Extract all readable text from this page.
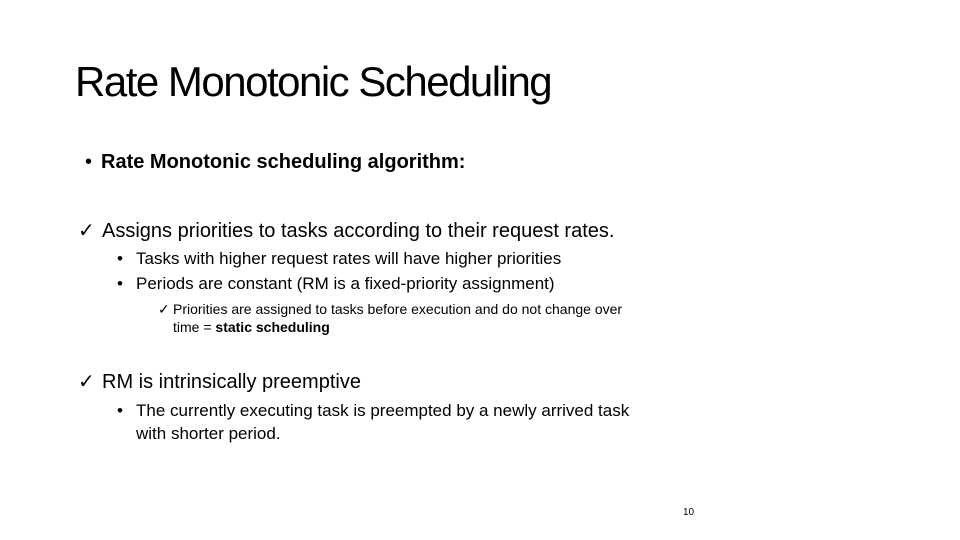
Rate Monotonic Scheduling
• Rate Monotonic scheduling algorithm:
✓ Assigns priorities to tasks according to their request rates.
• Tasks with higher request rates will have higher priorities
• Periods are constant (RM is a fixed-priority assignment)
✓ Priorities are assigned to tasks before execution and do not change over
time = static scheduling
✓ RM is intrinsically preemptive
• The currently executing task is preempted by a newly arrived task
with shorter period.
10
